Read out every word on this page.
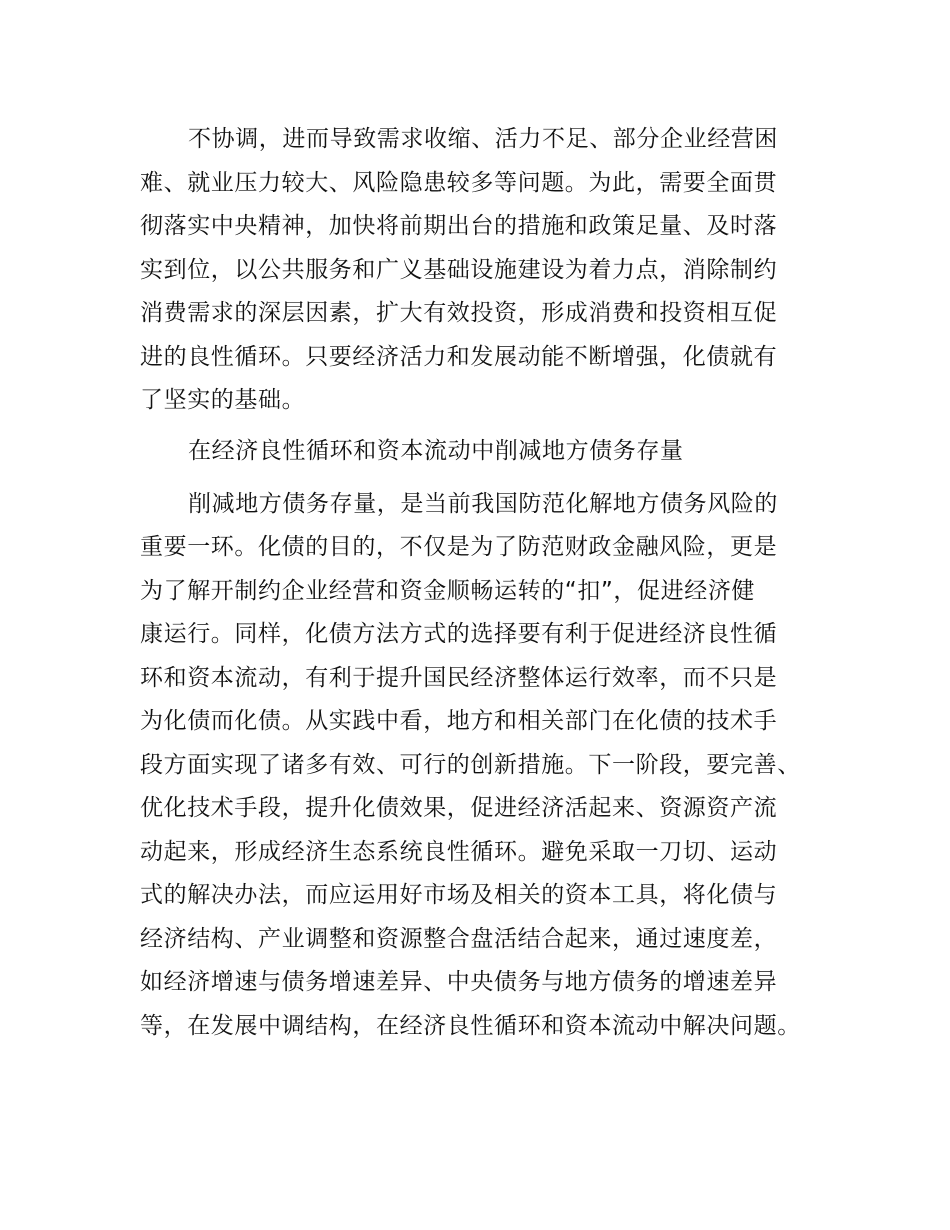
不协调，进而导致需求收缩、活力不足、部分企业经营困
难、就业压力较大、风险隐患较多等问题。为此，需要全面贯
彻落实中央精神，加快将前期出台的措施和政策足量、及时落
实到位，以公共服务和广义基础设施建设为着力点，消除制约
消费需求的深层因素，扩大有效投资，形成消费和投资相互促
进的良性循环。只要经济活力和发展动能不断增强，化债就有
了坚实的基础。
在经济良性循环和资本流动中削减地方债务存量
削减地方债务存量，是当前我国防范化解地方债务风险的
重要一环。化债的目的，不仅是为了防范财政金融风险，更是
为了解开制约企业经营和资金顺畅运转的“扣”，促进经济健
康运行。同样，化债方法方式的选择要有利于促进经济良性循
环和资本流动，有利于提升国民经济整体运行效率，而不只是
为化债而化债。从实践中看，地方和相关部门在化债的技术手
段方面实现了诸多有效、可行的创新措施。下一阶段，要完善、
优化技术手段，提升化债效果，促进经济活起来、资源资产流
动起来，形成经济生态系统良性循环。避免采取一刀切、运动
式的解决办法，而应运用好市场及相关的资本工具，将化债与
经济结构、产业调整和资源整合盘活结合起来，通过速度差，
如经济增速与债务增速差异、中央债务与地方债务的增速差异
等，在发展中调结构，在经济良性循环和资本流动中解决问题。
